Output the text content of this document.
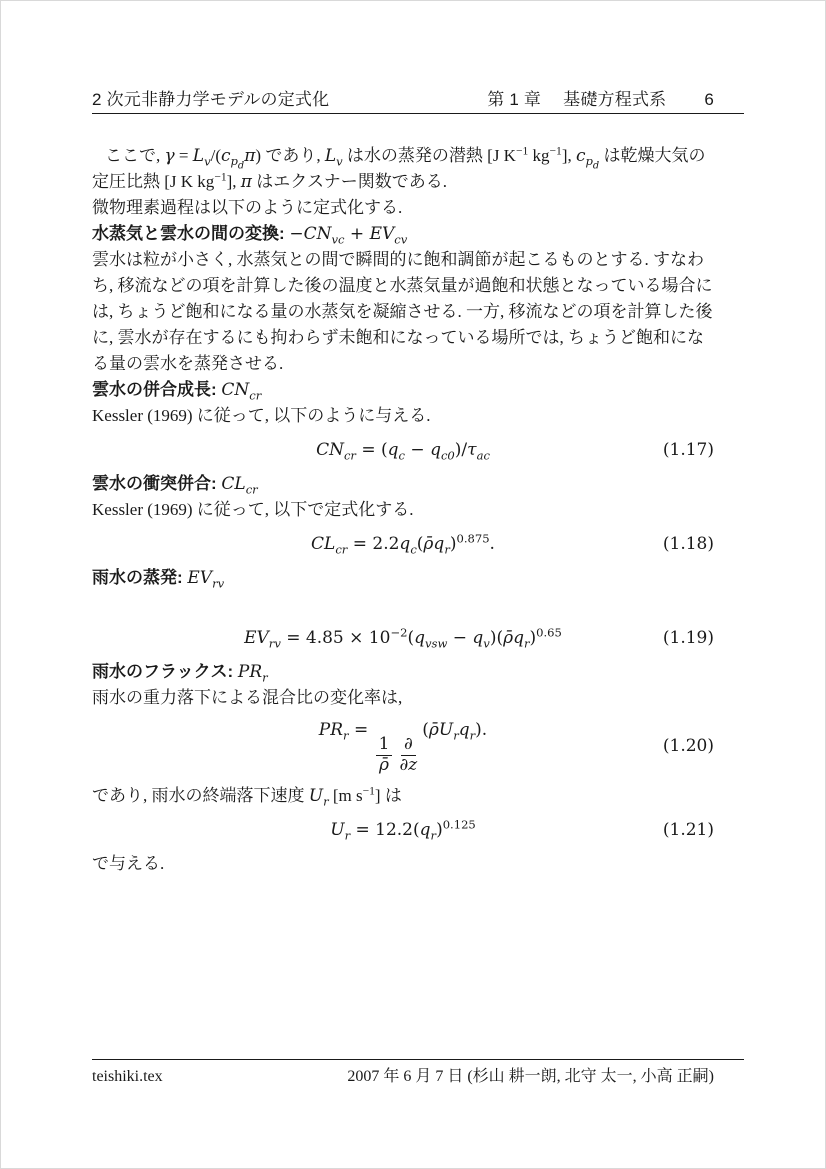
2 次元非静力学モデルの定式化	第 1 章 基礎方程式系 6

ここで, $\gamma = L_v/(c_{p_d}\pi)$ であり, $L_v$ は水の蒸発の潜熱 [J $K^{-1}$ $kg^{-1}$], $c_{p_d}$ は乾燥大気の定圧比熱 [J K $kg^{-1}$], π はエクスナー関数である.

微物理素過程は以下のように定式化する.

水蒸気と雲水の間の変換: $-CN_{vc} + EV_{cv}$

雲水は粒が小さく, 水蒸気との間で瞬間的に飽和調節が起こるものとする. すなわち, 移流などの項を計算した後の温度と水蒸気量が過飽和状態となっている場合には, ちょうど飽和になる量の水蒸気を凝縮させる. 一方, 移流などの項を計算した後に, 雲水が存在するにも拘わらず未飽和になっている場所では, ちょうど飽和になる量の雲水を蒸発させる.

雲水の併合成長: $CN_{cr}$

Kessler (1969) に従って, 以下のように与える.

$CN_{cr} = (q_c - q_{c0})/\tau_{ac}$	(1.17)
雲水の衝突併合: $CL_{cr}$

Kessler (1969) に従って, 以下で定式化する.

$CL_{cr}$ = $2.2q_c(\rhōq_r)^{0.875}$.	(1.18)
雨水の蒸発: $EV_{rv}$
$EV_{rv} = 4.85 \times 10^{-2}(q_{vsw}$ − $q_v)(\rhōq_r)^{0.65}$	(1.19)
雨水のフラックス: $PR_r$

雨水の重力落下による混合比の変化率は,

$PR_r$ =
$\frac{1}{\rhō} \frac{\partial}{\partial z}$
$(\rhōU_rq_r)$.
(1.20)

であり, 雨水の終端落下速度 $U_r$ [m $s^{-1}$] は

$U_r = 12.2(q_r)^{0.125}$	(1.21)

で与える.

teishiki.tex	2007 年 6 月 7 日 (杉山 耕一朗, 北守 太一, 小高 正嗣)
